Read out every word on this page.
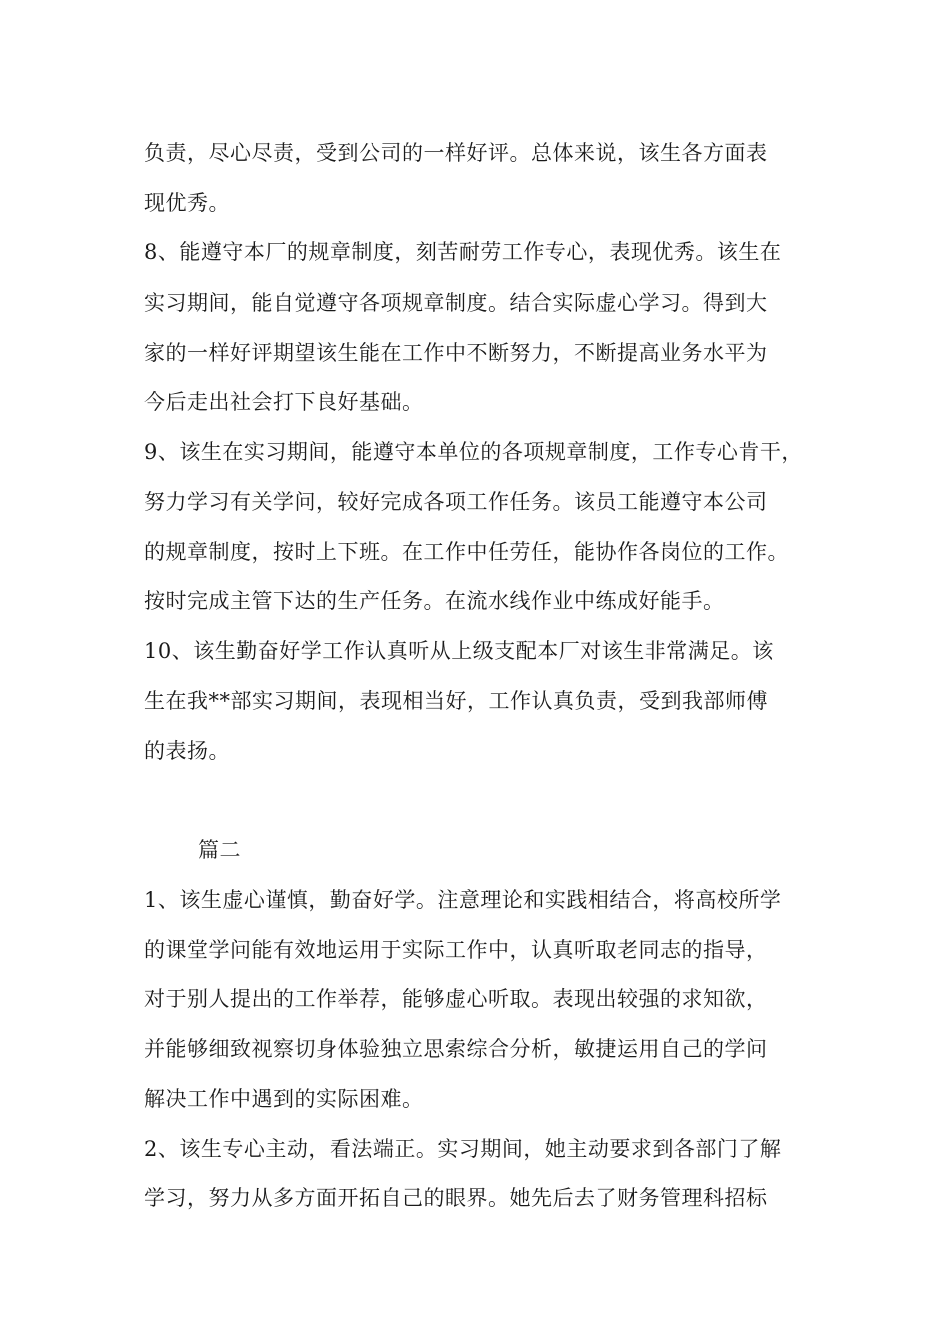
负责，尽心尽责，受到公司的一样好评。总体来说，该生各方面表

现优秀。

8、能遵守本厂的规章制度，刻苦耐劳工作专心，表现优秀。该生在

实习期间，能自觉遵守各项规章制度。结合实际虚心学习。得到大

家的一样好评期望该生能在工作中不断努力，不断提高业务水平为

今后走出社会打下良好基础。

9、该生在实习期间，能遵守本单位的各项规章制度，工作专心肯干，

努力学习有关学问，较好完成各项工作任务。该员工能遵守本公司

的规章制度，按时上下班。在工作中任劳任，能协作各岗位的工作。

按时完成主管下达的生产任务。在流水线作业中练成好能手。

10、该生勤奋好学工作认真听从上级支配本厂对该生非常满足。该

生在我**部实习期间，表现相当好，工作认真负责，受到我部师傅

的表扬。

篇二

1、该生虚心谨慎，勤奋好学。注意理论和实践相结合，将高校所学

的课堂学问能有效地运用于实际工作中，认真听取老同志的指导，

对于别人提出的工作举荐，能够虚心听取。表现出较强的求知欲，

并能够细致视察切身体验独立思索综合分析，敏捷运用自己的学问

解决工作中遇到的实际困难。

2、该生专心主动，看法端正。实习期间，她主动要求到各部门了解

学习，努力从多方面开拓自己的眼界。她先后去了财务管理科招标
